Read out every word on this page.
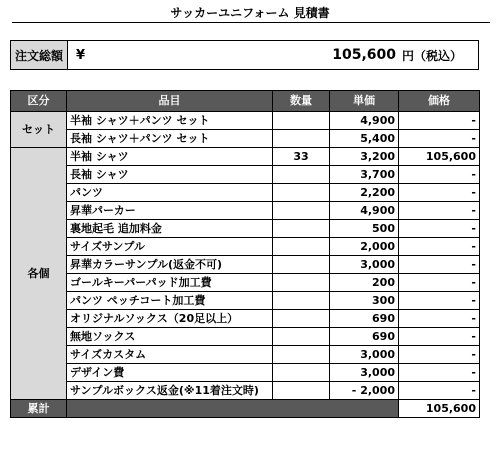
サッカーユニフォーム 見積書
注文総額	¥	105,600 円（税込）
区分	品目	数量	単価	価格
セット	半袖 シャツ＋パンツ セット		4,900	-
	長袖 シャツ＋パンツ セット		5,400	-
各個	半袖 シャツ	33	3,200	105,600
	長袖 シャツ		3,700	-
	パンツ		2,200	-
	昇華パーカー		4,900	-
	裏地起毛 追加料金		500	-
	サイズサンプル		2,000	-
	昇華カラーサンプル(返金不可)		3,000	-
	ゴールキーパーパッド加工費		200	-
	パンツ ペッチコート加工費		300	-
	オリジナルソックス（20足以上）		690	-
	無地ソックス		690	-
	サイズカスタム		3,000	-
	デザイン費		3,000	-
	サンプルボックス返金(※11着注文時)		- 2,000	-
累計				105,600
